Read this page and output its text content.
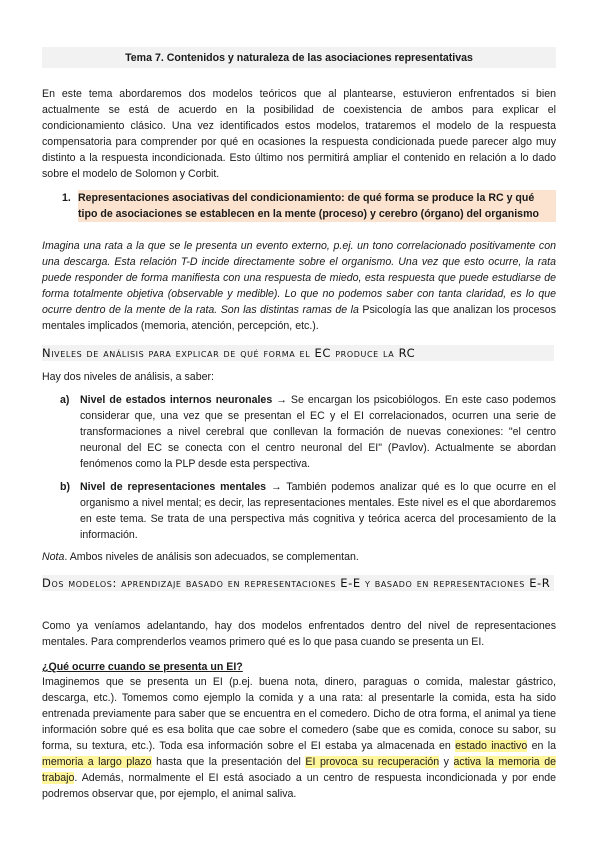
Tema 7. Contenidos y naturaleza de las asociaciones representativas

En este tema abordaremos dos modelos teóricos que al plantearse, estuvieron enfrentados si bien actualmente se está de acuerdo en la posibilidad de coexistencia de ambos para explicar el condicionamiento clásico. Una vez identificados estos modelos, trataremos el modelo de la respuesta compensatoria para comprender por qué en ocasiones la respuesta condicionada puede parecer algo muy distinto a la respuesta incondicionada. Esto último nos permitirá ampliar el contenido en relación a lo dado sobre el modelo de Solomon y Corbit.

1. Representaciones asociativas del condicionamiento: de qué forma se produce la RC y qué tipo de asociaciones se establecen en la mente (proceso) y cerebro (órgano) del organismo

Imagina una rata a la que se le presenta un evento externo, p.ej. un tono correlacionado positivamente con una descarga. Esta relación T-D incide directamente sobre el organismo. Una vez que esto ocurre, la rata puede responder de forma manifiesta con una respuesta de miedo, esta respuesta que puede estudiarse de forma totalmente objetiva (observable y medible). Lo que no podemos saber con tanta claridad, es lo que ocurre dentro de la mente de la rata. Son las distintas ramas de la Psicología las que analizan los procesos mentales implicados (memoria, atención, percepción, etc.).

Niveles de análisis para explicar de qué forma el EC produce la RC

Hay dos niveles de análisis, a saber:

a) Nivel de estados internos neuronales → Se encargan los psicobiólogos. En este caso podemos considerar que, una vez que se presentan el EC y el EI correlacionados, ocurren una serie de transformaciones a nivel cerebral que conllevan la formación de nuevas conexiones: "el centro neuronal del EC se conecta con el centro neuronal del EI" (Pavlov). Actualmente se abordan fenómenos como la PLP desde esta perspectiva.
b) Nivel de representaciones mentales → También podemos analizar qué es lo que ocurre en el organismo a nivel mental; es decir, las representaciones mentales. Este nivel es el que abordaremos en este tema. Se trata de una perspectiva más cognitiva y teórica acerca del procesamiento de la información.

Nota. Ambos niveles de análisis son adecuados, se complementan.

Dos modelos: aprendizaje basado en representaciones E-E y basado en representaciones E-R

Como ya veníamos adelantando, hay dos modelos enfrentados dentro del nivel de representaciones mentales. Para comprenderlos veamos primero qué es lo que pasa cuando se presenta un EI.

¿Qué ocurre cuando se presenta un EI?

Imaginemos que se presenta un EI (p.ej. buena nota, dinero, paraguas o comida, malestar gástrico, descarga, etc.). Tomemos como ejemplo la comida y a una rata: al presentarle la comida, esta ha sido entrenada previamente para saber que se encuentra en el comedero. Dicho de otra forma, el animal ya tiene información sobre qué es esa bolita que cae sobre el comedero (sabe que es comida, conoce su sabor, su forma, su textura, etc.). Toda esa información sobre el EI estaba ya almacenada en estado inactivo en la memoria a largo plazo hasta que la presentación del EI provoca su recuperación y activa la memoria de trabajo. Además, normalmente el EI está asociado a un centro de respuesta incondicionada y por ende podremos observar que, por ejemplo, el animal saliva.
